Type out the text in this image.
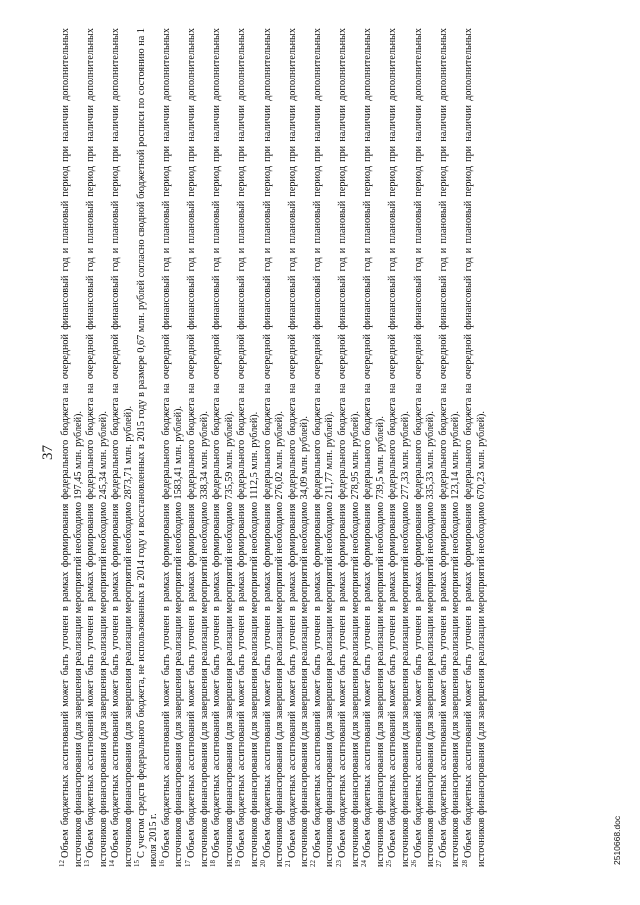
37

$^{12}$Объем бюджетных ассигнований может быть уточнен в рамках формирования федерального бюджета на очередной финансовый год и плановый период при наличии дополнительных источников финансирования (для завершения реализации мероприятий необходимо 197,45 млн. рублей). $^{13}$Объем бюджетных ассигнований может быть уточнен в рамках формирования федерального бюджета на очередной финансовый год и плановый период при наличии дополнительных источников финансирования (для завершения реализации мероприятий необходимо 245,34 млн. рублей). $^{14}$Объем бюджетных ассигнований может быть уточнен в рамках формирования федерального бюджета на очередной финансовый год и плановый период при наличии дополнительных источников финансирования (для завершения реализации мероприятий необходимо 2873,71 млн. рублей). $^{15}$С учетом средств федерального бюджета, не использованных в 2014 году и восстановленных в 2015 году в размере 0,67 млн. рублей согласно сводной бюджетной росписи по состоянию на 1 июля 2015 г. $^{16}$Объем бюджетных ассигнований может быть уточнен в рамках формирования федерального бюджета на очередной финансовый год и плановый период при наличии дополнительных источников финансирования (для завершения реализации мероприятий необходимо 1583,41 млн. рублей). $^{17}$Объем бюджетных ассигнований может быть уточнен в рамках формирования федерального бюджета на очередной финансовый год и плановый период при наличии дополнительных источников финансирования (для завершения реализации мероприятий необходимо 338,34 млн. рублей). $^{18}$Объем бюджетных ассигнований может быть уточнен в рамках формирования федерального бюджета на очередной финансовый год и плановый период при наличии дополнительных источников финансирования (для завершения реализации мероприятий необходимо 735,59 млн. рублей). $^{19}$Объем бюджетных ассигнований может быть уточнен в рамках формирования федерального бюджета на очередной финансовый год и плановый период при наличии дополнительных источников финансирования (для завершения реализации мероприятий необходимо 1112,5 млн. рублей). $^{20}$Объем бюджетных ассигнований может быть уточнен в рамках формирования федерального бюджета на очередной финансовый год и плановый период при наличии дополнительных источников финансирования (для завершения реализации мероприятий необходимо 276,02 млн. рублей). $^{21}$Объем бюджетных ассигнований может быть уточнен в рамках формирования федерального бюджета на очередной финансовый год и плановый период при наличии дополнительных источников финансирования (для завершения реализации мероприятий необходимо 34,09 млн. рублей). $^{22}$Объем бюджетных ассигнований может быть уточнен в рамках формирования федерального бюджета на очередной финансовый год и плановый период при наличии дополнительных источников финансирования (для завершения реализации мероприятий необходимо 211,77 млн. рублей). $^{23}$Объем бюджетных ассигнований может быть уточнен в рамках формирования федерального бюджета на очередной финансовый год и плановый период при наличии дополнительных источников финансирования (для завершения реализации мероприятий необходимо 278,95 млн. рублей). $^{24}$Объем бюджетных ассигнований может быть уточнен в рамках формирования федерального бюджета на очередной финансовый год и плановый период при наличии дополнительных источников финансирования (для завершения реализации мероприятий необходимо 739,5 млн. рублей). $^{25}$Объем бюджетных ассигнований может быть уточнен в рамках формирования федерального бюджета на очередной финансовый год и плановый период при наличии дополнительных источников финансирования (для завершения реализации мероприятий необходимо 277,33 млн. рублей). $^{26}$Объем бюджетных ассигнований может быть уточнен в рамках формирования федерального бюджета на очередной финансовый год и плановый период при наличии дополнительных источников финансирования (для завершения реализации мероприятий необходимо 335,33 млн. рублей). $^{27}$Объем бюджетных ассигнований может быть уточнен в рамках формирования федерального бюджета на очередной финансовый год и плановый период при наличии дополнительных источников финансирования (для завершения реализации мероприятий необходимо 123,14 млн. рублей). $^{28}$Объем бюджетных ассигнований может быть уточнен в рамках формирования федерального бюджета на очередной финансовый год и плановый период при наличии дополнительных источников финансирования (для завершения реализации мероприятий необходимо 670,23 млн. рублей).	2510668.doc
